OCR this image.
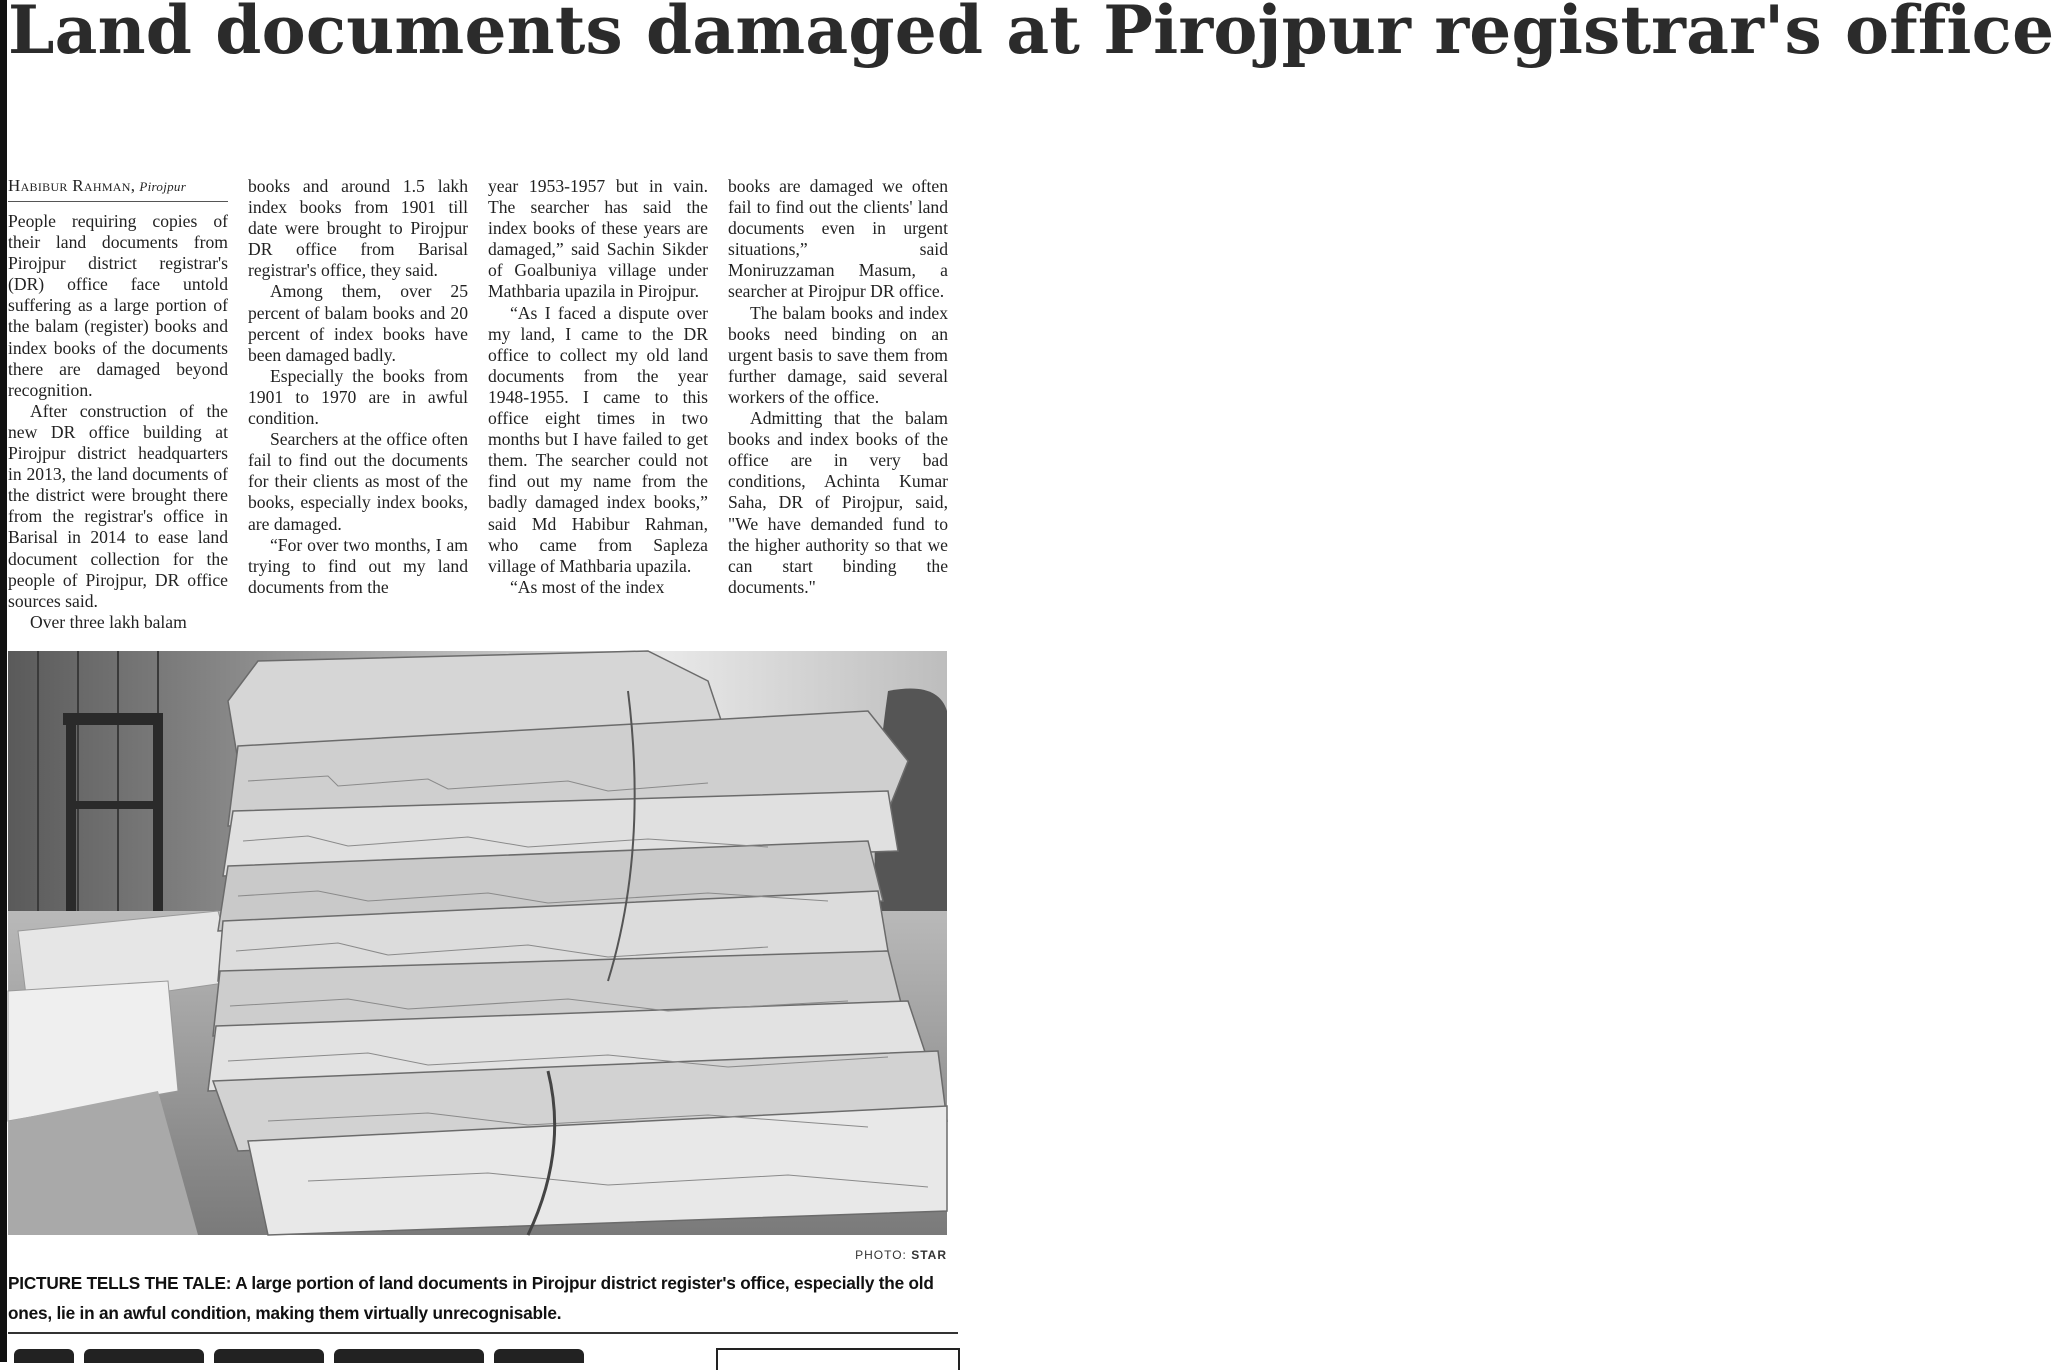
Land documents damaged at Pirojpur registrar's office
Habibur Rahman, Pirojpur

People requiring copies of their land documents from Pirojpur district registrar's (DR) office face untold suffering as a large portion of the balam (register) books and index books of the documents there are damaged beyond recognition.

After construction of the new DR office building at Pirojpur district headquarters in 2013, the land documents of the district were brought there from the registrar's office in Barisal in 2014 to ease land document collection for the people of Pirojpur, DR office sources said.

Over three lakh balam

books and around 1.5 lakh index books from 1901 till date were brought to Pirojpur DR office from Barisal registrar's office, they said.

Among them, over 25 percent of balam books and 20 percent of index books have been damaged badly.

Especially the books from 1901 to 1970 are in awful condition.

Searchers at the office often fail to find out the documents for their clients as most of the books, especially index books, are damaged.

“For over two months, I am trying to find out my land documents from the

year 1953-1957 but in vain. The searcher has said the index books of these years are damaged,” said Sachin Sikder of Goalbuniya village under Mathbaria upazila in Pirojpur.

“As I faced a dispute over my land, I came to the DR office to collect my old land documents from the year 1948-1955. I came to this office eight times in two months but I have failed to get them. The searcher could not find out my name from the badly damaged index books,” said Md Habibur Rahman, who came from Sapleza village of Mathbaria upazila.

“As most of the index

books are damaged we often fail to find out the clients' land documents even in urgent situations,” said Moniruzzaman Masum, a searcher at Pirojpur DR office.

The balam books and index books need binding on an urgent basis to save them from further damage, said several workers of the office.

Admitting that the balam books and index books of the office are in very bad conditions, Achinta Kumar Saha, DR of Pirojpur, said, "We have demanded fund to the higher authority so that we can start binding the documents."

PHOTO: STAR

PICTURE TELLS THE TALE: A large portion of land documents in Pirojpur district register's office, especially the old ones, lie in an awful condition, making them virtually unrecognisable.
